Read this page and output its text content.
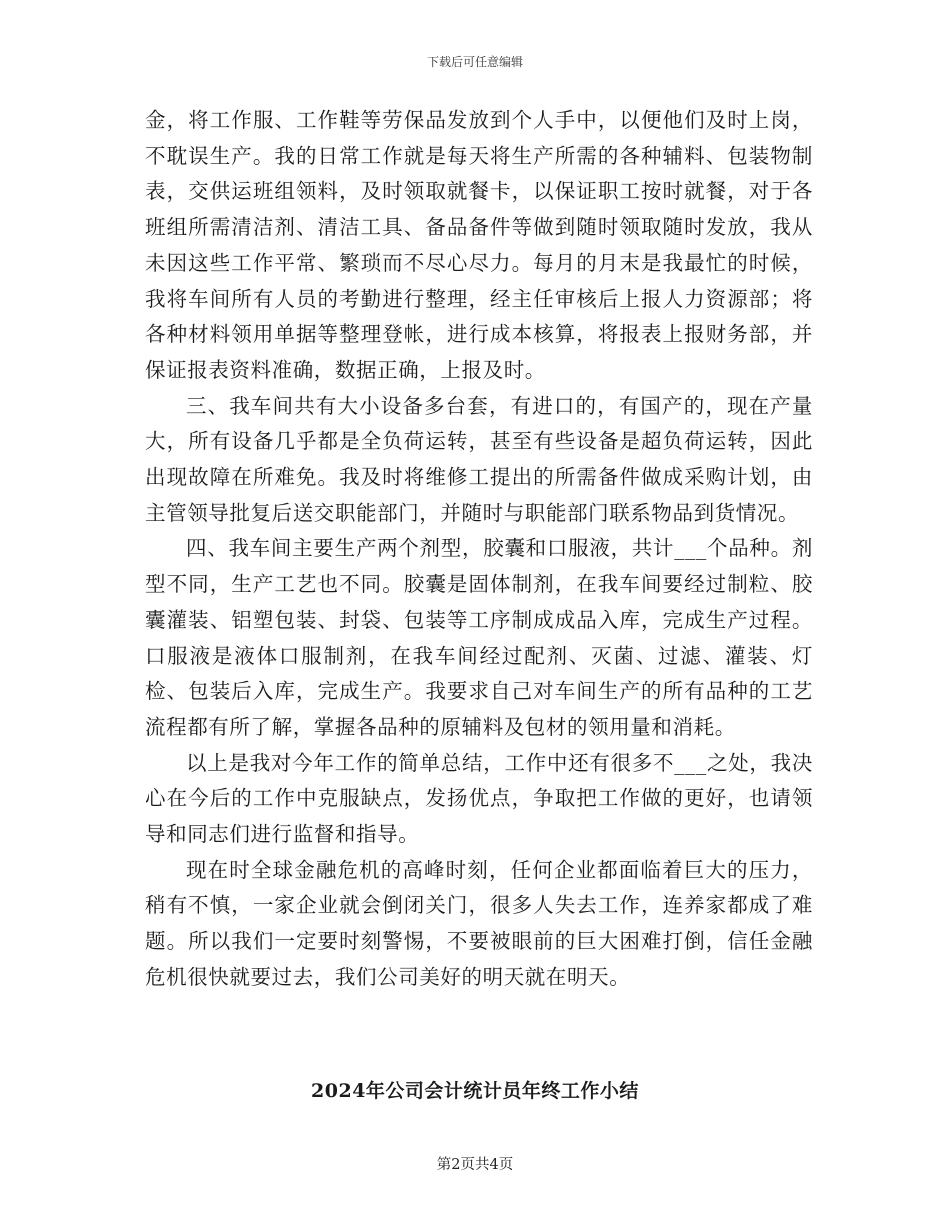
下载后可任意编辑

金，将工作服、工作鞋等劳保品发放到个人手中，以便他们及时上岗，不耽误生产。我的日常工作就是每天将生产所需的各种辅料、包装物制表，交供运班组领料，及时领取就餐卡，以保证职工按时就餐，对于各班组所需清洁剂、清洁工具、备品备件等做到随时领取随时发放，我从未因这些工作平常、繁琐而不尽心尽力。每月的月末是我最忙的时候，我将车间所有人员的考勤进行整理，经主任审核后上报人力资源部；将各种材料领用单据等整理登帐，进行成本核算，将报表上报财务部，并保证报表资料准确，数据正确，上报及时。

三、我车间共有大小设备多台套，有进口的，有国产的，现在产量大，所有设备几乎都是全负荷运转，甚至有些设备是超负荷运转，因此出现故障在所难免。我及时将维修工提出的所需备件做成采购计划，由主管领导批复后送交职能部门，并随时与职能部门联系物品到货情况。

四、我车间主要生产两个剂型，胶囊和口服液，共计___个品种。剂型不同，生产工艺也不同。胶囊是固体制剂，在我车间要经过制粒、胶囊灌装、铝塑包装、封袋、包装等工序制成成品入库，完成生产过程。口服液是液体口服制剂，在我车间经过配剂、灭菌、过滤、灌装、灯检、包装后入库，完成生产。我要求自己对车间生产的所有品种的工艺流程都有所了解，掌握各品种的原辅料及包材的领用量和消耗。

以上是我对今年工作的简单总结，工作中还有很多不___之处，我决心在今后的工作中克服缺点，发扬优点，争取把工作做的更好，也请领导和同志们进行监督和指导。

现在时全球金融危机的高峰时刻，任何企业都面临着巨大的压力，稍有不慎，一家企业就会倒闭关门，很多人失去工作，连养家都成了难题。所以我们一定要时刻警惕，不要被眼前的巨大困难打倒，信任金融危机很快就要过去，我们公司美好的明天就在明天。

2024年公司会计统计员年终工作小结
第2页共4页
